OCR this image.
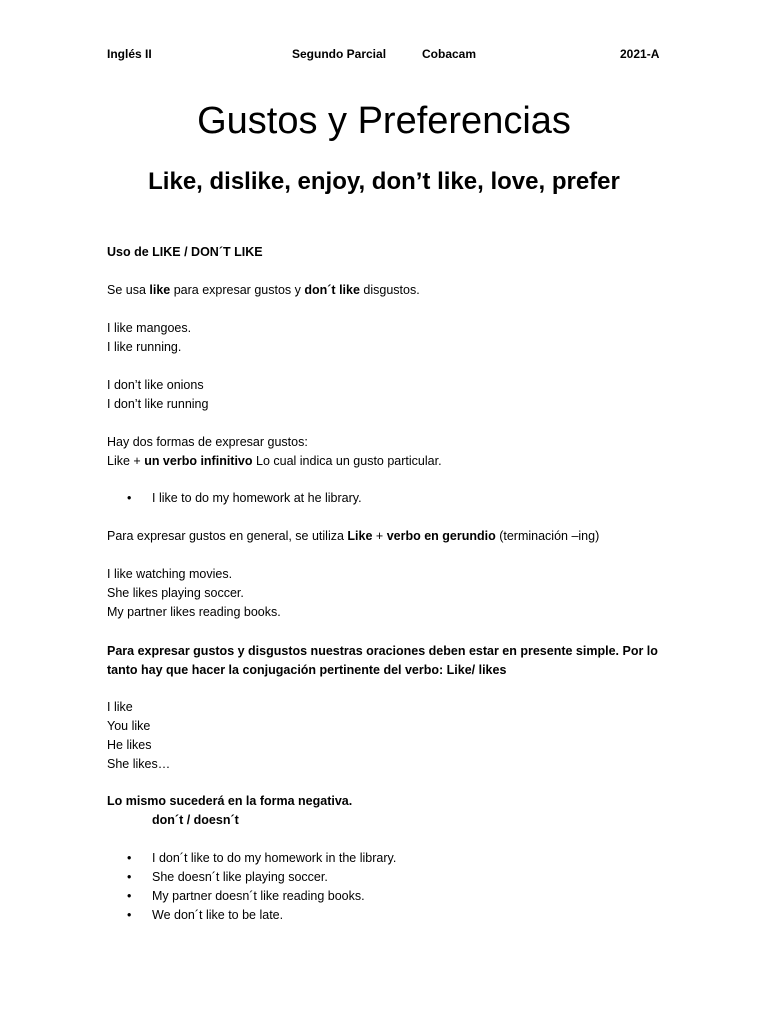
Inglés II	Segundo Parcial	Cobacam	2021-A
Gustos y Preferencias
Like, dislike, enjoy, don’t like, love, prefer
Uso de LIKE / DON´T LIKE
Se usa like para expresar gustos y don´t like disgustos.
I like mangoes.
I like running.
I don’t like onions
I don’t like running
Hay dos formas de expresar gustos:
Like + un verbo infinitivo Lo cual indica un gusto particular.
• I like to do my homework at he library.
Para expresar gustos en general, se utiliza Like + verbo en gerundio (terminación –ing)
I like watching movies.
She likes playing soccer.
My partner likes reading books.
Para expresar gustos y disgustos nuestras oraciones deben estar en presente simple. Por lo tanto hay que hacer la conjugación pertinente del verbo: Like/ likes
I like
You like
He likes
She likes…
Lo mismo sucederá en la forma negativa.
don´t / doesn´t
• I don´t like to do my homework in the library.
• She doesn´t like playing soccer.
• My partner doesn´t like reading books.
• We don´t like to be late.
